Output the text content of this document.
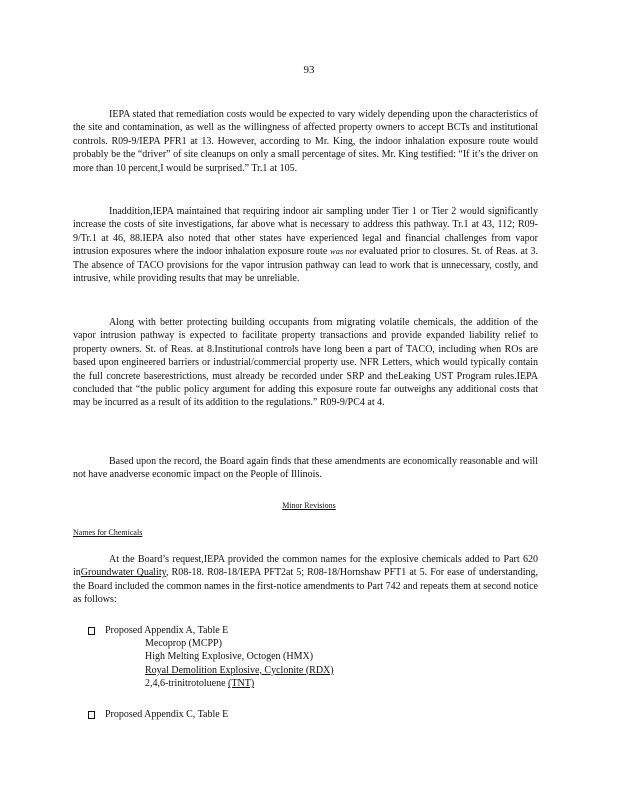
93

IEPA stated that remediation costs would be expected to vary widely depending upon the characteristics of the site and contamination, as well as the willingness of affected property owners to accept BCTs and institutional controls. R09-9/IEPA PFR1 at 13. However, according to Mr. King, the indoor inhalation exposure route would probably be the “driver” of site cleanups on only a small percentage of sites. Mr. King testified: “If it’s the driver on more than 10 percent,I would be surprised.” Tr.1 at 105.

Inaddition,IEPA maintained that requiring indoor air sampling under Tier 1 or Tier 2 would significantly increase the costs of site investigations, far above what is necessary to address this pathway. Tr.1 at 43, 112; R09-9/Tr.1 at 46, 88.IEPA also noted that other states have experienced legal and financial challenges from vapor intrusion exposures where the indoor inhalation exposure route was not evaluated prior to closures. St. of Reas. at 3. The absence of TACO provisions for the vapor intrusion pathway can lead to work that is unnecessary, costly, and intrusive, while providing results that may be unreliable.

Along with better protecting building occupants from migrating volatile chemicals, the addition of the vapor intrusion pathway is expected to facilitate property transactions and provide expanded liability relief to property owners. St. of Reas. at 8.Institutional controls have long been a part of TACO, including when ROs are based upon engineered barriers or industrial/commercial property use. NFR Letters, which would typically contain the full concrete baserestrictions, must already be recorded under SRP and theLeaking UST Program rules.IEPA concluded that “the public policy argument for adding this exposure route far outweighs any additional costs that may be incurred as a result of its addition to the regulations.” R09-9/PC4 at 4.

Based upon the record, the Board again finds that these amendments are economically reasonable and will not have anadverse economic impact on the People of Illinois.

Minor Revisions
Names for Chemicals

At the Board’s request,IEPA provided the common names for the explosive chemicals added to Part 620 inGroundwater Quality, R08-18. R08-18/IEPA PFT2at 5; R08-18/Hornshaw PFT1 at 5. For ease of understanding, the Board included the common names in the first-notice amendments to Part 742 and repeats them at second notice as follows:

Proposed Appendix A, Table E
Mecoprop (MCPP)
High Melting Explosive, Octogen (HMX)
Royal Demolition Explosive, Cyclonite (RDX)
2,4,6-trinitrotoluene (TNT)
Proposed Appendix C, Table E
